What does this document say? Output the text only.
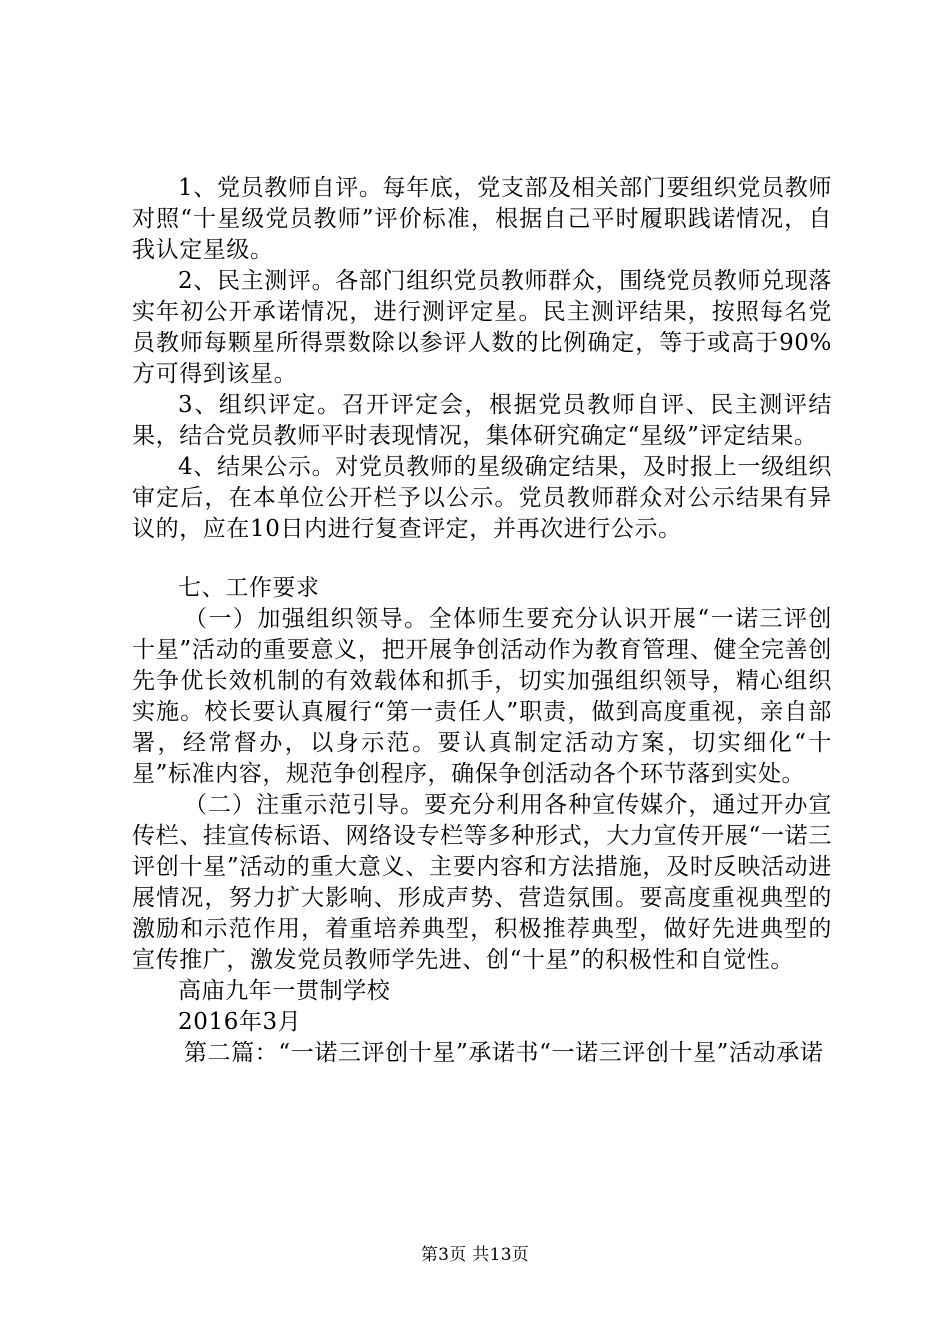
1、党员教师自评。每年底，党支部及相关部门要组织党员教师对照“十星级党员教师”评价标准，根据自己平时履职践诺情况，自我认定星级。

2、民主测评。各部门组织党员教师群众，围绕党员教师兑现落实年初公开承诺情况，进行测评定星。民主测评结果，按照每名党员教师每颗星所得票数除以参评人数的比例确定，等于或高于90%方可得到该星。

3、组织评定。召开评定会，根据党员教师自评、民主测评结果，结合党员教师平时表现情况，集体研究确定“星级”评定结果。

4、结果公示。对党员教师的星级确定结果，及时报上一级组织审定后，在本单位公开栏予以公示。党员教师群众对公示结果有异议的，应在10日内进行复查评定，并再次进行公示。

七、工作要求

（一）加强组织领导。全体师生要充分认识开展“一诺三评创十星”活动的重要意义，把开展争创活动作为教育管理、健全完善创先争优长效机制的有效载体和抓手，切实加强组织领导，精心组织实施。校长要认真履行“第一责任人”职责，做到高度重视，亲自部署，经常督办，以身示范。要认真制定活动方案，切实细化“十星”标准内容，规范争创程序，确保争创活动各个环节落到实处。

（二）注重示范引导。要充分利用各种宣传媒介，通过开办宣传栏、挂宣传标语、网络设专栏等多种形式，大力宣传开展“一诺三评创十星”活动的重大意义、主要内容和方法措施，及时反映活动进展情况，努力扩大影响、形成声势、营造氛围。要高度重视典型的激励和示范作用，着重培养典型，积极推荐典型，做好先进典型的宣传推广，激发党员教师学先进、创“十星”的积极性和自觉性。

高庙九年一贯制学校

2016年3月

第二篇：“一诺三评创十星”承诺书“一诺三评创十星”活动承诺

第3页 共13页
